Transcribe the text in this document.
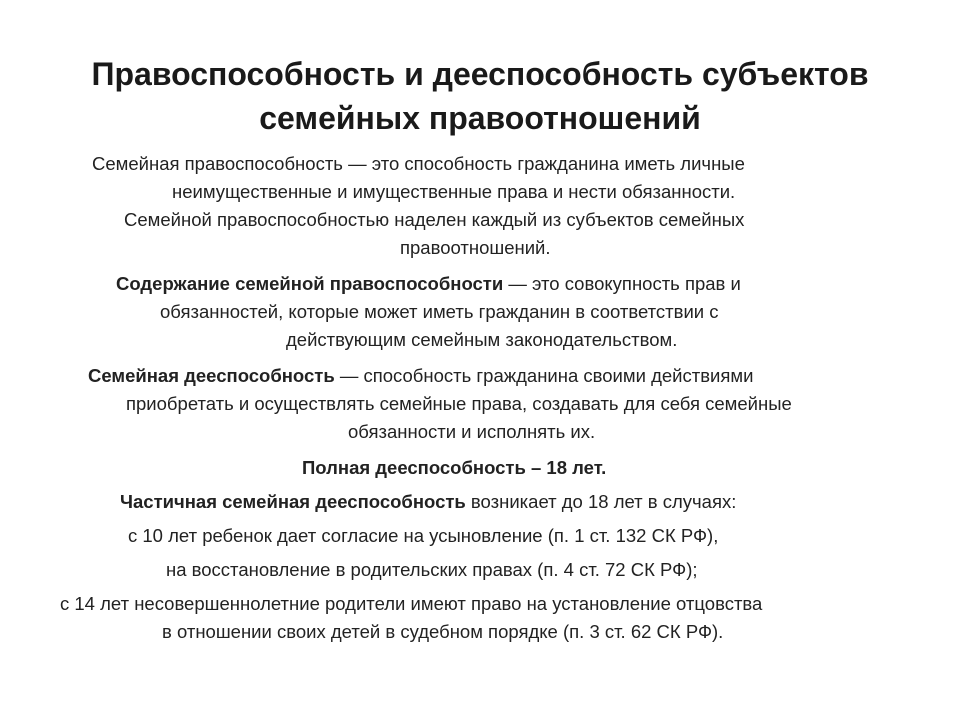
Правоспособность и дееспособность субъектов
семейных правоотношений
Семейная правоспособность — это способность гражданина иметь личные
неимущественные и имущественные права и нести обязанности.
Семейной правоспособностью наделен каждый из субъектов семейных
правоотношений.
Содержание семейной правоспособности — это совокупность прав и
обязанностей, которые может иметь гражданин в соответствии с
действующим семейным законодательством.
Семейная дееспособность — способность гражданина своими действиями
приобретать и осуществлять семейные права, создавать для себя семейные
обязанности и исполнять их.
Полная дееспособность – 18 лет.
Частичная семейная дееспособность возникает до 18 лет в случаях:
с 10 лет ребенок дает согласие на усыновление (п. 1 ст. 132 СК РФ),
на восстановление в родительских правах (п. 4 ст. 72 СК РФ);
с 14 лет несовершеннолетние родители имеют право на установление отцовства
в отношении своих детей в судебном порядке (п. 3 ст. 62 СК РФ).
